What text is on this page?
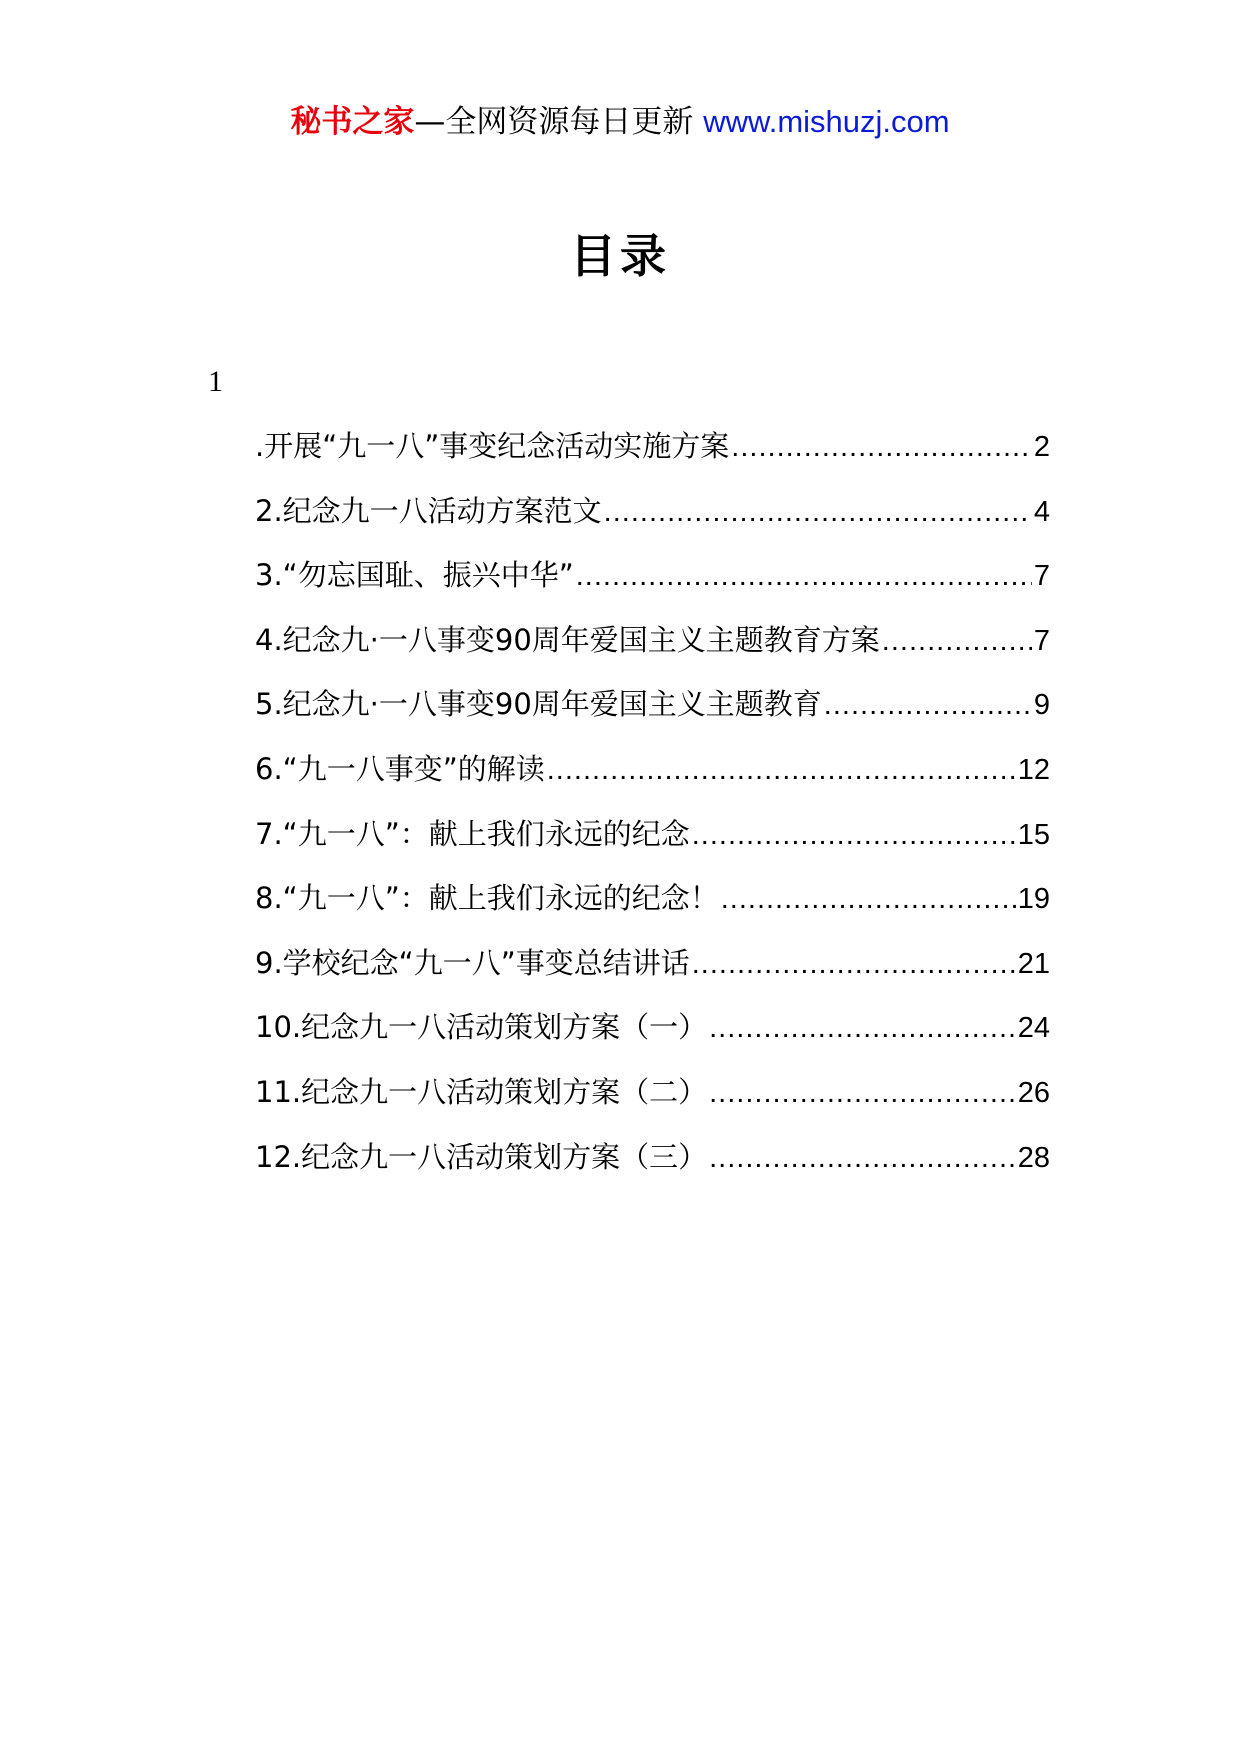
秘书之家—全网资源每日更新 www.mishuzj.com
目录
1
.开展“九一八”事变纪念活动实施方案 .....	2
2.纪念九一八活动方案范文 .....	4
3.“勿忘国耻、振兴中华” .....	7
4.纪念九·一八事变90周年爱国主义主题教育方案 .....	7
5.纪念九·一八事变90周年爱国主义主题教育 .....	9
6.“九一八事变”的解读 .....	12
7.“九一八”：献上我们永远的纪念 .....	15
8.“九一八”：献上我们永远的纪念！ .....	19
9.学校纪念“九一八”事变总结讲话 .....	21
10.纪念九一八活动策划方案（一） .....	24
11.纪念九一八活动策划方案（二） .....	26
12.纪念九一八活动策划方案（三） .....	28
